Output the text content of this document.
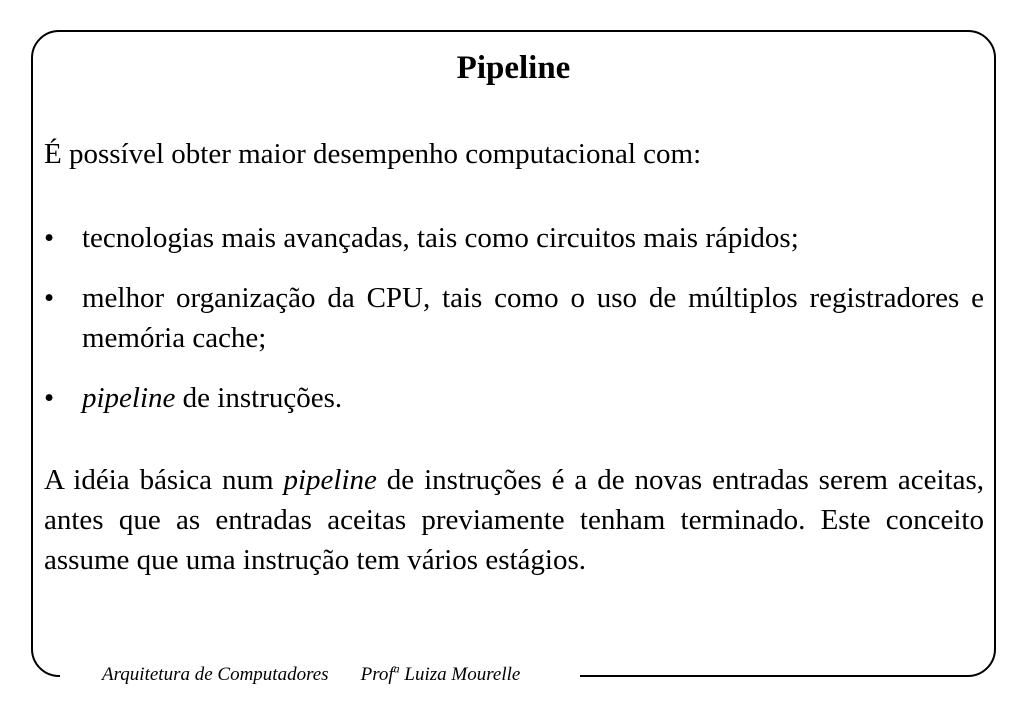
Pipeline

É possível obter maior desempenho computacional com:

• tecnologias mais avançadas, tais como circuitos mais rápidos;
• melhor organização da CPU, tais como o uso de múltiplos registradores e memória cache;
• pipeline de instruções.

A idéia básica num pipeline de instruções é a de novas entradas serem aceitas, antes que as entradas aceitas previamente tenham terminado. Este conceito assume que uma instrução tem vários estágios.

Arquitetura de Computadores Prof$^a$ Luiza Mourelle
